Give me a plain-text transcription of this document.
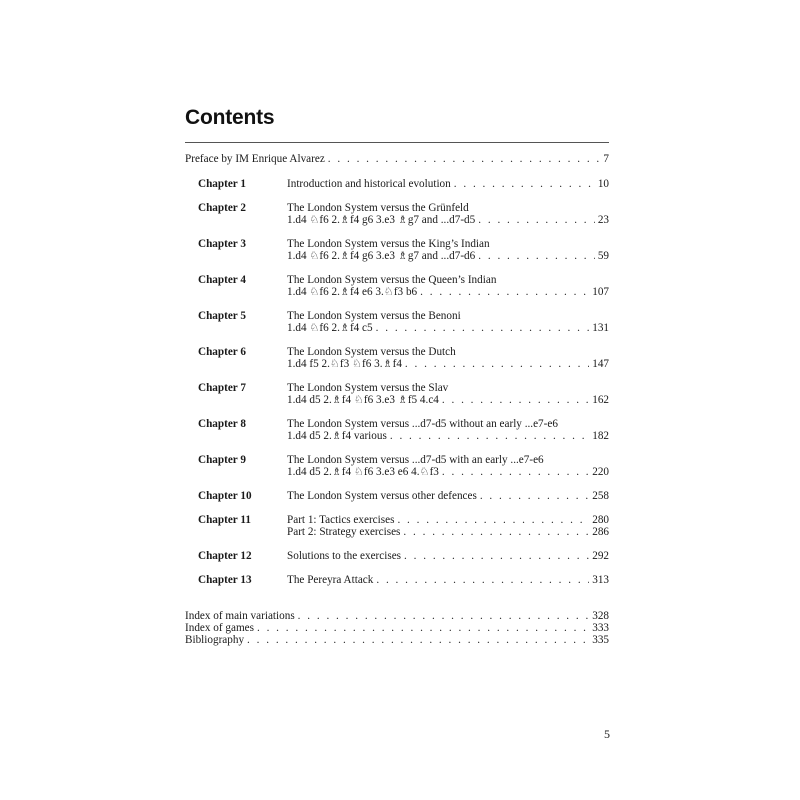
Contents
Preface by IM Enrique Alvarez . . .	7
Chapter 1	Introduction and historical evolution . . .	10
Chapter 2	The London System versus the Grünfeld
1.d4 ♘f6 2.♗f4 g6 3.e3 ♗g7 and ...d7-d5 . . .	23
Chapter 3	The London System versus the King’s Indian
1.d4 ♘f6 2.♗f4 g6 3.e3 ♗g7 and ...d7-d6 . . .	59
Chapter 4	The London System versus the Queen’s Indian
1.d4 ♘f6 2.♗f4 e6 3.♘f3 b6 . . .	107
Chapter 5	The London System versus the Benoni
1.d4 ♘f6 2.♗f4 c5 . . .	131
Chapter 6	The London System versus the Dutch
1.d4 f5 2.♘f3 ♘f6 3.♗f4 . . .	147
Chapter 7	The London System versus the Slav
1.d4 d5 2.♗f4 ♘f6 3.e3 ♗f5 4.c4 . . .	162
Chapter 8	The London System versus ...d7-d5 without an early ...e7-e6
1.d4 d5 2.♗f4 various . . .	182
Chapter 9	The London System versus ...d7-d5 with an early ...e7-e6
1.d4 d5 2.♗f4 ♘f6 3.e3 e6 4.♘f3 . . .	220
Chapter 10	The London System versus other defences . . .	258
Chapter 11	Part 1: Tactics exercises . . .	280
Part 2: Strategy exercises . . .	286
Chapter 12	Solutions to the exercises . . .	292
Chapter 13	The Pereyra Attack . . .	313
Index of main variations . . .	328
Index of games . . .	333
Bibliography . . .	335
5
